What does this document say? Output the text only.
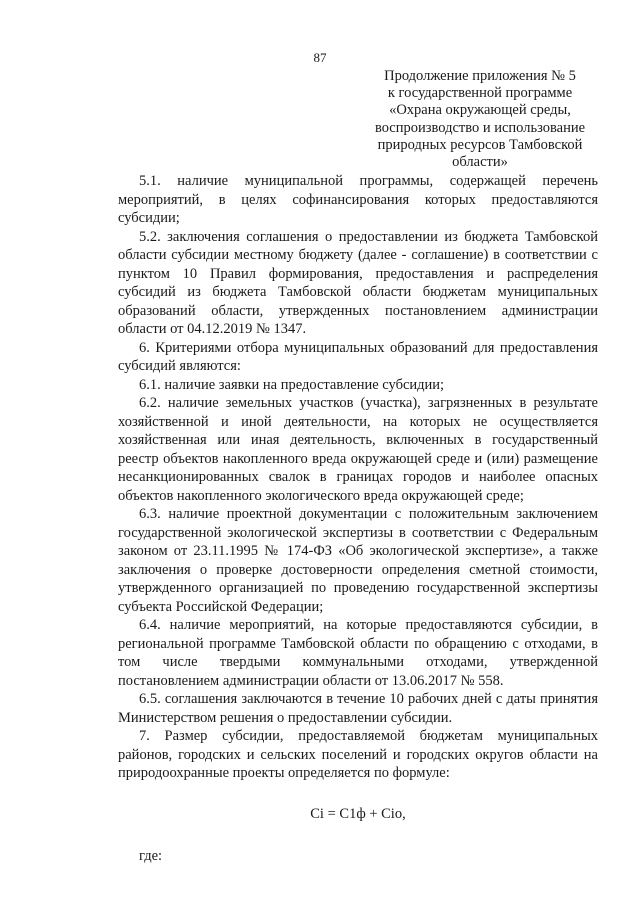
87
Продолжение приложения № 5
к государственной программе
«Охрана окружающей среды,
воспроизводство и использование
природных ресурсов Тамбовской
области»

5.1. наличие муниципальной программы, содержащей перечень мероприятий, в целях софинансирования которых предоставляются субсидии;

5.2. заключения соглашения о предоставлении из бюджета Тамбовской области субсидии местному бюджету (далее - соглашение) в соответствии с пунктом 10 Правил формирования, предоставления и распределения субсидий из бюджета Тамбовской области бюджетам муниципальных образований области, утвержденных постановлением администрации области от 04.12.2019 № 1347.

6. Критериями отбора муниципальных образований для предоставления субсидий являются:

6.1. наличие заявки на предоставление субсидии;

6.2. наличие земельных участков (участка), загрязненных в результате хозяйственной и иной деятельности, на которых не осуществляется хозяйственная или иная деятельность, включенных в государственный реестр объектов накопленного вреда окружающей среде и (или) размещение несанкционированных свалок в границах городов и наиболее опасных объектов накопленного экологического вреда окружающей среде;

6.3. наличие проектной документации с положительным заключением государственной экологической экспертизы в соответствии с Федеральным законом от 23.11.1995 № 174-ФЗ «Об экологической экспертизе», а также заключения о проверке достоверности определения сметной стоимости, утвержденного организацией по проведению государственной экспертизы субъекта Российской Федерации;

6.4. наличие мероприятий, на которые предоставляются субсидии, в региональной программе Тамбовской области по обращению с отходами, в том числе твердыми коммунальными отходами, утвержденной постановлением администрации области от 13.06.2017 № 558.

6.5. соглашения заключаются в течение 10 рабочих дней с даты принятия Министерством решения о предоставлении субсидии.

7. Размер субсидии, предоставляемой бюджетам муниципальных районов, городских и сельских поселений и городских округов области на природоохранные проекты определяется по формуле:

Ci = C1ф + Cio,
где:
